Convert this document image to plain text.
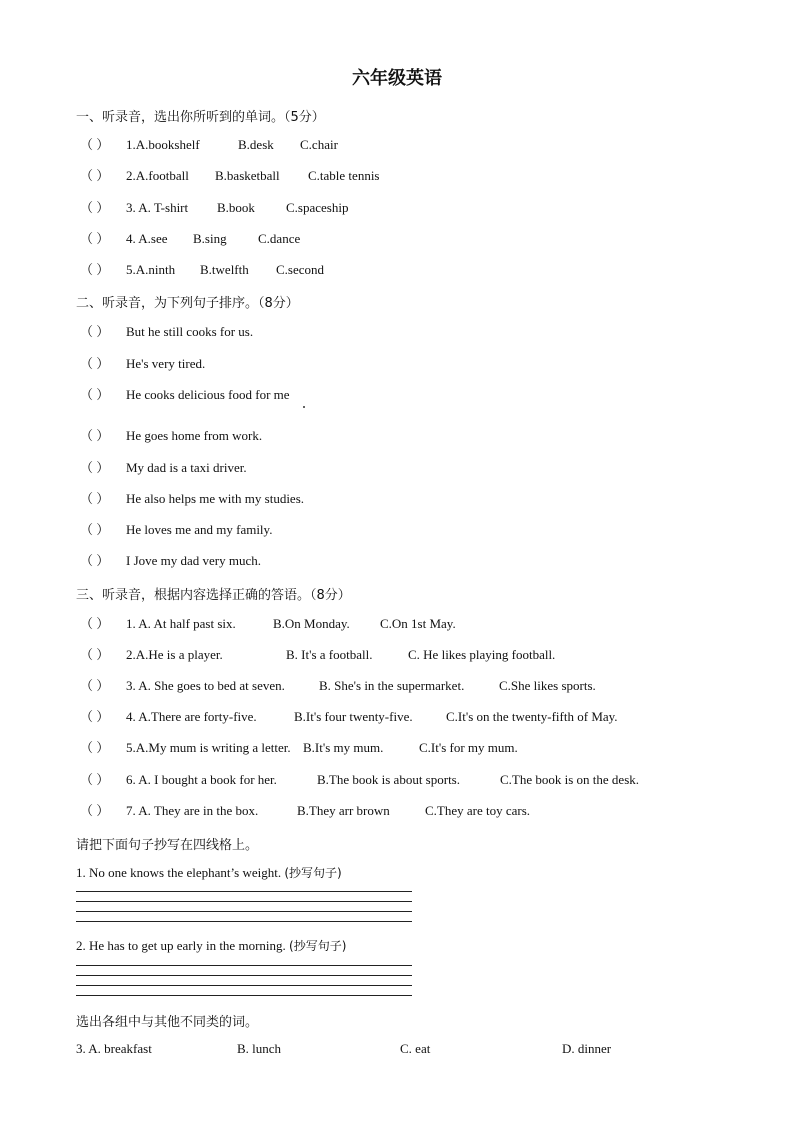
六年级英语
一、听录音，选出你所听到的单词。（5分）
（ ） 1.A.bookshelf	B.desk C.chair
（ ） 2.A.football B.basketball C.table tennis
（ ） 3. A. T-shirt B.book C.spaceship
（ ） 4. A.see B.sing C.dance
（ ） 5.A.ninth B.twelfth C.second
二、听录音，为下列句子排序。（8分）
（ ） But he still cooks for us.
（ ） He's very tired.
（ ） He cooks delicious food for me
（ ） He goes home from work.
（ ） My dad is a taxi driver.
（ ） He also helps me with my studies.
（ ） He loves me and my family.
（ ） I Jove my dad very much.
三、听录音，根据内容选择正确的答语。（8分）
（ ） 1. A. At half past six.	B.On Monday. C.On 1st May.
（ ） 2.A.He is a player.	B. It's a football.	C. He likes playing football.
（ ） 3. A. She goes to bed at seven.	B. She's in the supermarket.	C.She likes sports.
（ ） 4. A.There are forty-five.	B.It's four twenty-five.	C.It's on the twenty-fifth of May.
（ ） 5.A.My mum is writing a letter. B.It's my mum.	C.It's for my mum.
（ ） 6. A. I bought a book for her.	B.The book is about sports.	C.The book is on the desk.
（ ） 7. A. They are in the box.	B.They arr brown	C.They are toy cars.
请把下面句子抄写在四线格上。
1. No one knows the elephant’s weight. (抄写句子)
2. He has to get up early in the morning. (抄写句子)
选出各组中与其他不同类的词。
3. A. breakfast	B. lunch	C. eat	D. dinner
